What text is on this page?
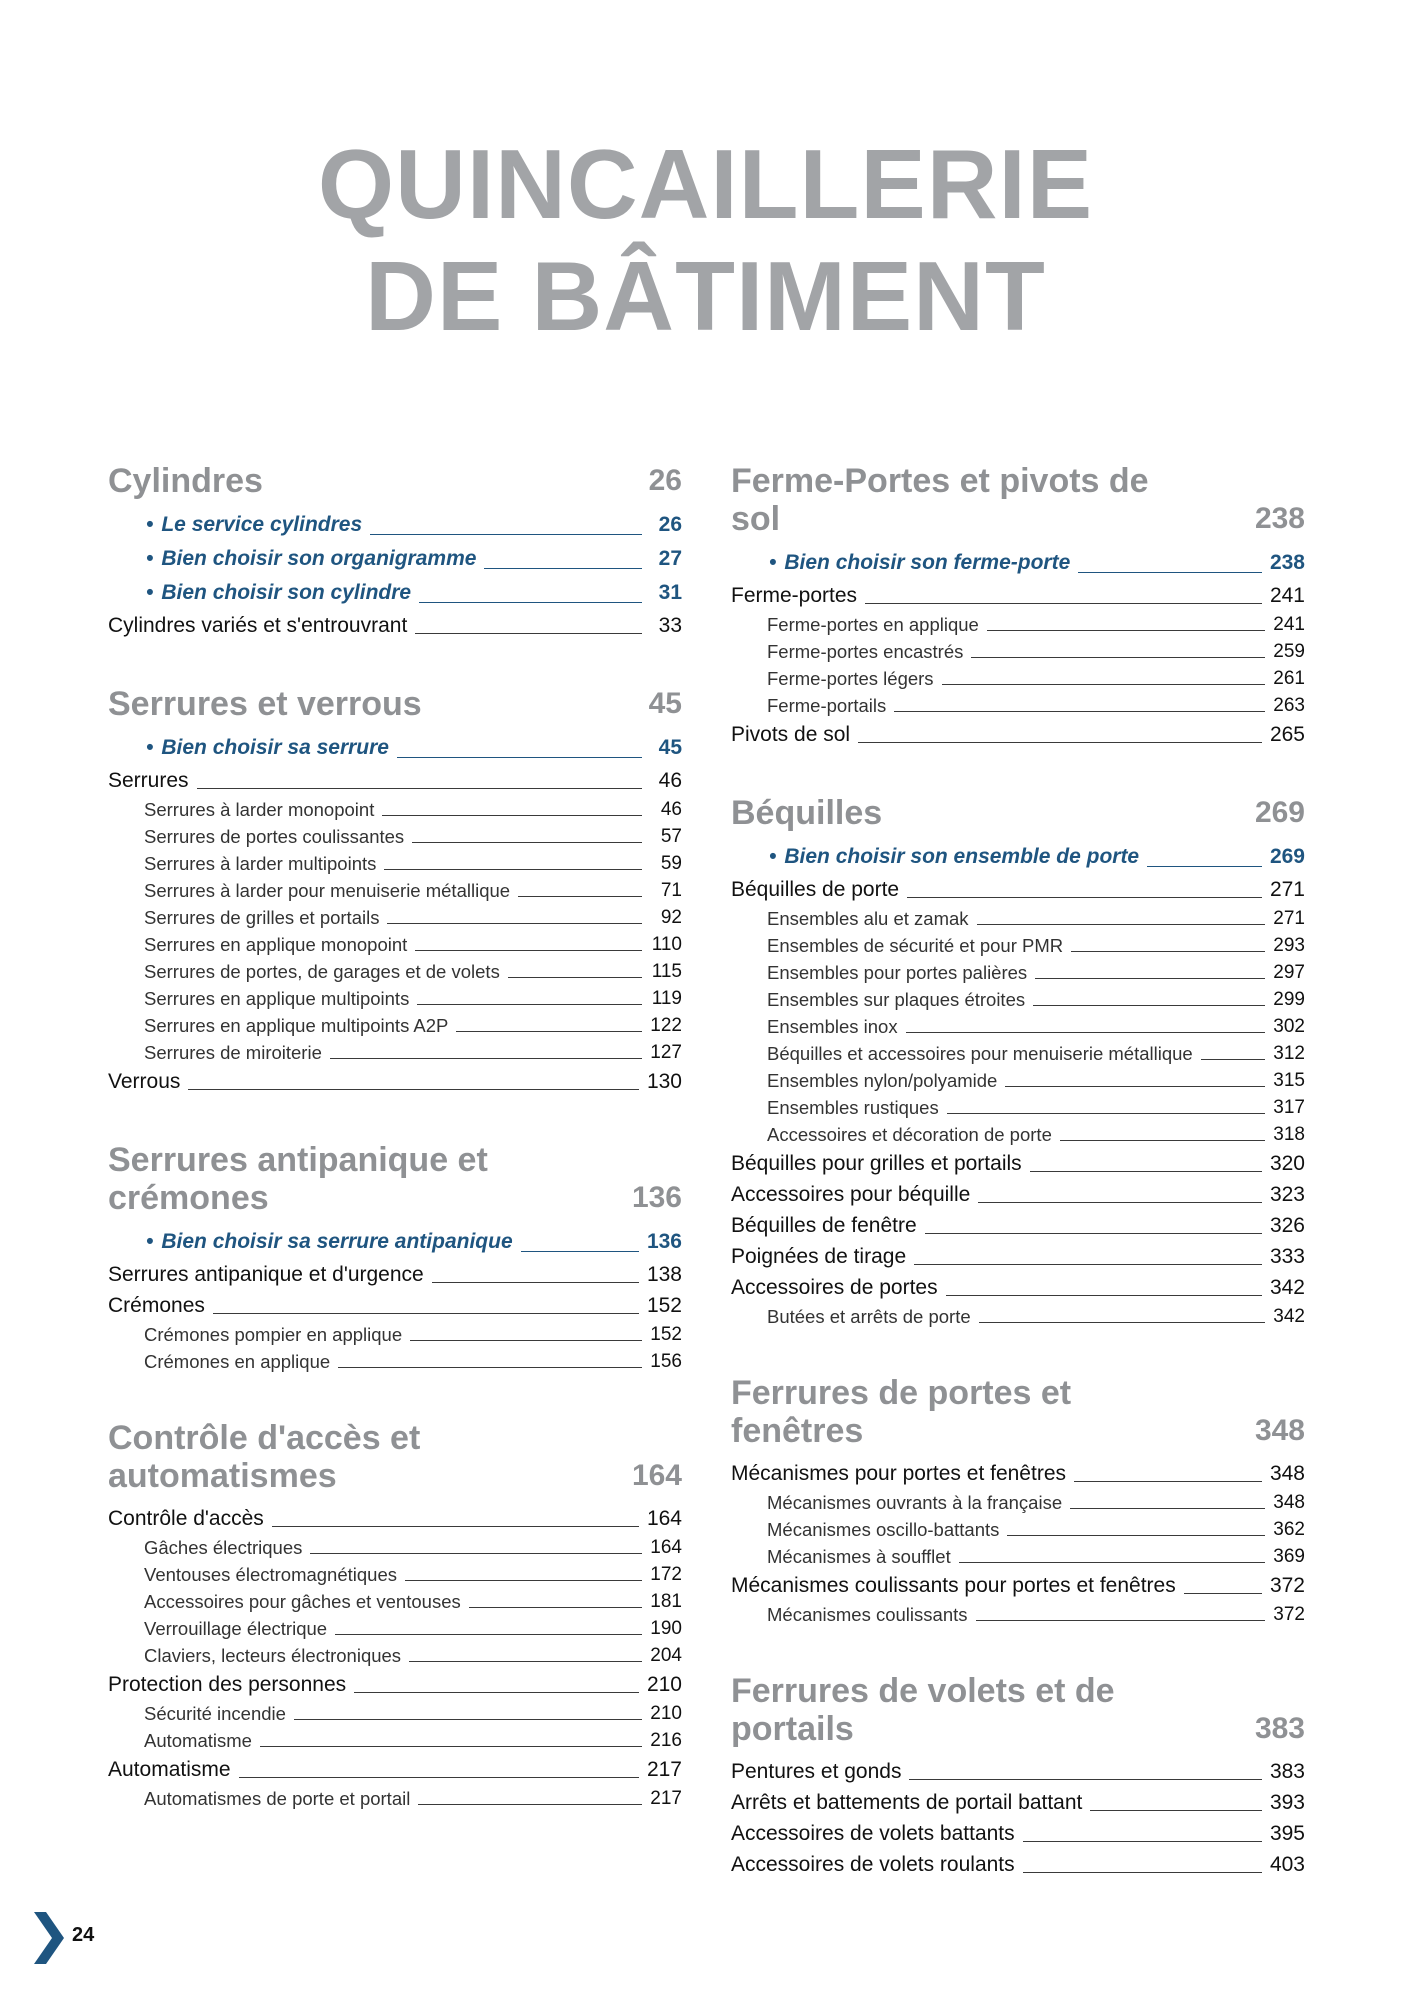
QUINCAILLERIE
DE BÂTIMENT
Cylindres	26
• Le service cylindres	26
• Bien choisir son organigramme	27
• Bien choisir son cylindre	31
Cylindres variés et s'entrouvrant	33
Serrures et verrous	45
• Bien choisir sa serrure	45
Serrures	46
Serrures à larder monopoint	46
Serrures de portes coulissantes	57
Serrures à larder multipoints	59
Serrures à larder pour menuiserie métallique	71
Serrures de grilles et portails	92
Serrures en applique monopoint	110
Serrures de portes, de garages et de volets	115
Serrures en applique multipoints	119
Serrures en applique multipoints A2P	122
Serrures de miroiterie	127
Verrous	130
Serrures antipanique et crémones	136
• Bien choisir sa serrure antipanique	136
Serrures antipanique et d'urgence	138
Crémones	152
Crémones pompier en applique	152
Crémones en applique	156
Contrôle d'accès et automatismes	164
Contrôle d'accès	164
Gâches électriques	164
Ventouses électromagnétiques	172
Accessoires pour gâches et ventouses	181
Verrouillage électrique	190
Claviers, lecteurs électroniques	204
Protection des personnes	210
Sécurité incendie	210
Automatisme	216
Automatisme	217
Automatismes de porte et portail	217
Ferme-Portes et pivots de sol	238
• Bien choisir son ferme-porte	238
Ferme-portes	241
Ferme-portes en applique	241
Ferme-portes encastrés	259
Ferme-portes légers	261
Ferme-portails	263
Pivots de sol	265
Béquilles	269
• Bien choisir son ensemble de porte	269
Béquilles de porte	271
Ensembles alu et zamak	271
Ensembles de sécurité et pour PMR	293
Ensembles pour portes palières	297
Ensembles sur plaques étroites	299
Ensembles inox	302
Béquilles et accessoires pour menuiserie métallique	312
Ensembles nylon/polyamide	315
Ensembles rustiques	317
Accessoires et décoration de porte	318
Béquilles pour grilles et portails	320
Accessoires pour béquille	323
Béquilles de fenêtre	326
Poignées de tirage	333
Accessoires de portes	342
Butées et arrêts de porte	342
Ferrures de portes et fenêtres	348
Mécanismes pour portes et fenêtres	348
Mécanismes ouvrants à la française	348
Mécanismes oscillo-battants	362
Mécanismes à soufflet	369
Mécanismes coulissants pour portes et fenêtres	372
Mécanismes coulissants	372
Ferrures de volets et de portails	383
Pentures et gonds	383
Arrêts et battements de portail battant	393
Accessoires de volets battants	395
Accessoires de volets roulants	403
24
